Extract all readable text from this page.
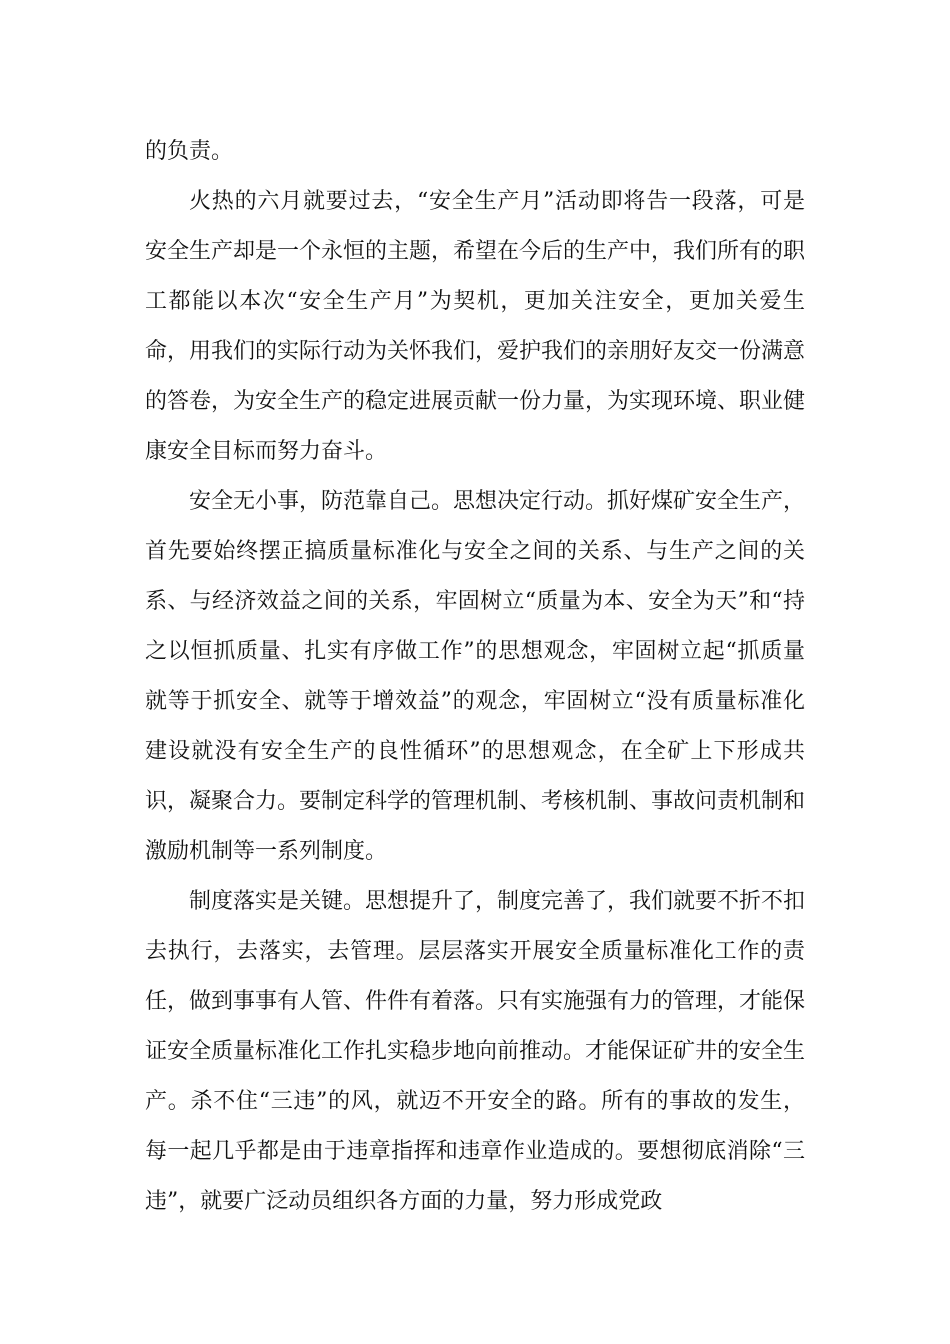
的负责。

火热的六月就要过去，“安全生产月”活动即将告一段落，可是安全生产却是一个永恒的主题，希望在今后的生产中，我们所有的职工都能以本次“安全生产月”为契机，更加关注安全，更加关爱生命，用我们的实际行动为关怀我们，爱护我们的亲朋好友交一份满意的答卷，为安全生产的稳定进展贡献一份力量，为实现环境、职业健康安全目标而努力奋斗。

安全无小事，防范靠自己。思想决定行动。抓好煤矿安全生产，首先要始终摆正搞质量标准化与安全之间的关系、与生产之间的关系、与经济效益之间的关系，牢固树立“质量为本、安全为天”和“持之以恒抓质量、扎实有序做工作”的思想观念，牢固树立起“抓质量就等于抓安全、就等于增效益”的观念，牢固树立“没有质量标准化建设就没有安全生产的良性循环”的思想观念，在全矿上下形成共识，凝聚合力。要制定科学的管理机制、考核机制、事故问责机制和激励机制等一系列制度。

制度落实是关键。思想提升了，制度完善了，我们就要不折不扣去执行，去落实，去管理。层层落实开展安全质量标准化工作的责任，做到事事有人管、件件有着落。只有实施强有力的管理，才能保证安全质量标准化工作扎实稳步地向前推动。才能保证矿井的安全生产。杀不住“三违”的风，就迈不开安全的路。所有的事故的发生，每一起几乎都是由于违章指挥和违章作业造成的。要想彻底消除“三违”，就要广泛动员组织各方面的力量，努力形成党政
